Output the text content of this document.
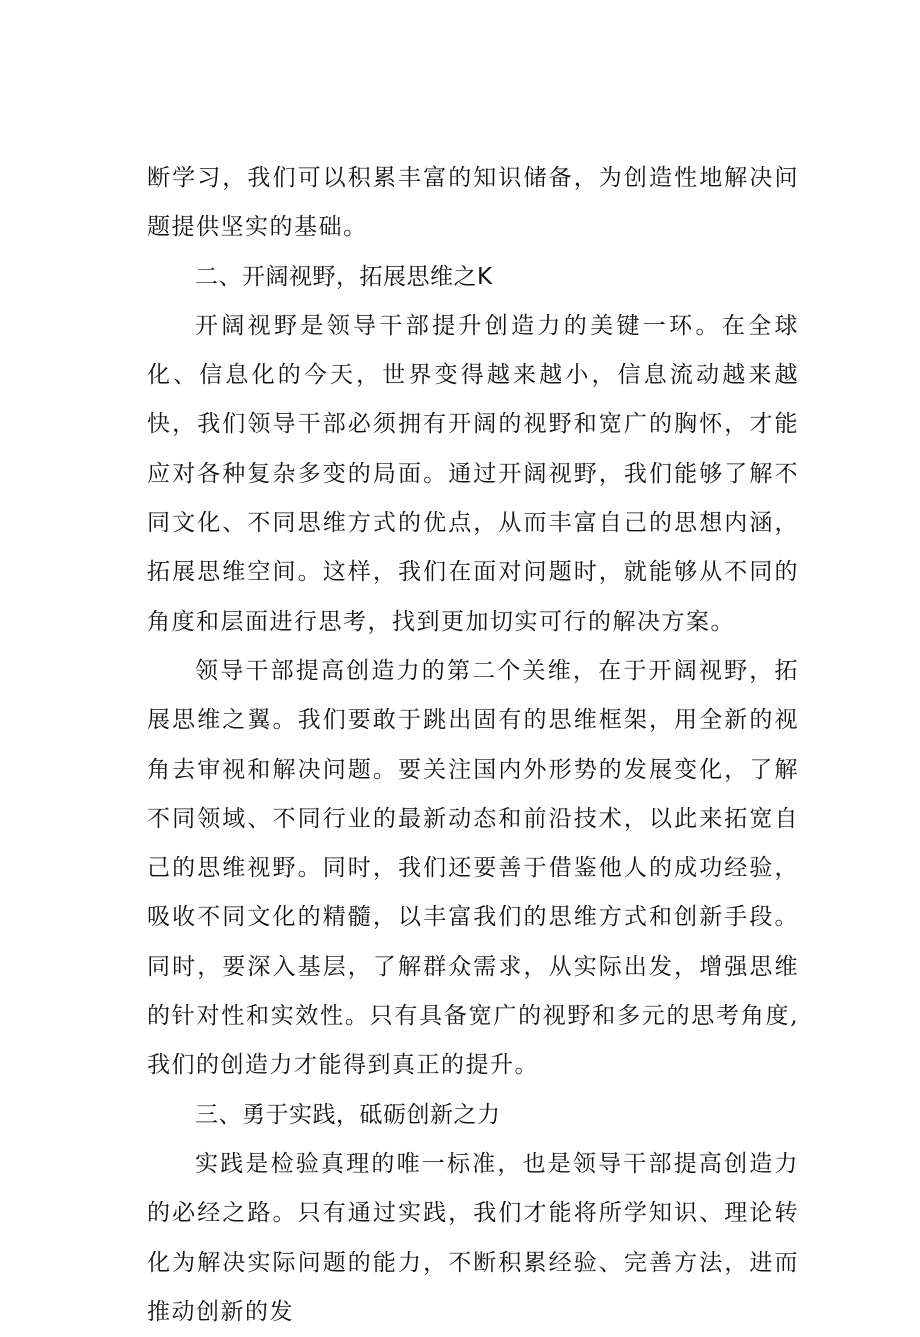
断学习，我们可以积累丰富的知识储备，为创造性地解决问题提供坚实的基础。

二、开阔视野，拓展思维之K

开阔视野是领导干部提升创造力的美键一环。在全球化、信息化的今天，世界变得越来越小，信息流动越来越快，我们领导干部必须拥有开阔的视野和宽广的胸怀，才能应对各种复杂多变的局面。通过开阔视野，我们能够了解不同文化、不同思维方式的优点，从而丰富自己的思想内涵，拓展思维空间。这样，我们在面对问题时，就能够从不同的角度和层面进行思考，找到更加切实可行的解决方案。

领导干部提高创造力的第二个关维，在于开阔视野，拓展思维之翼。我们要敢于跳出固有的思维框架，用全新的视角去审视和解决问题。要关注国内外形势的发展变化，了解不同领域、不同行业的最新动态和前沿技术，以此来拓宽自己的思维视野。同时，我们还要善于借鉴他人的成功经验，吸收不同文化的精髓，以丰富我们的思维方式和创新手段。同时，要深入基层，了解群众需求，从实际出发，增强思维的针对性和实效性。只有具备宽广的视野和多元的思考角度,我们的创造力才能得到真正的提升。

三、勇于实践，砥砺创新之力

实践是检验真理的唯一标准，也是领导干部提高创造力的必经之路。只有通过实践，我们才能将所学知识、理论转化为解决实际问题的能力，不断积累经验、完善方法，进而推动创新的发
